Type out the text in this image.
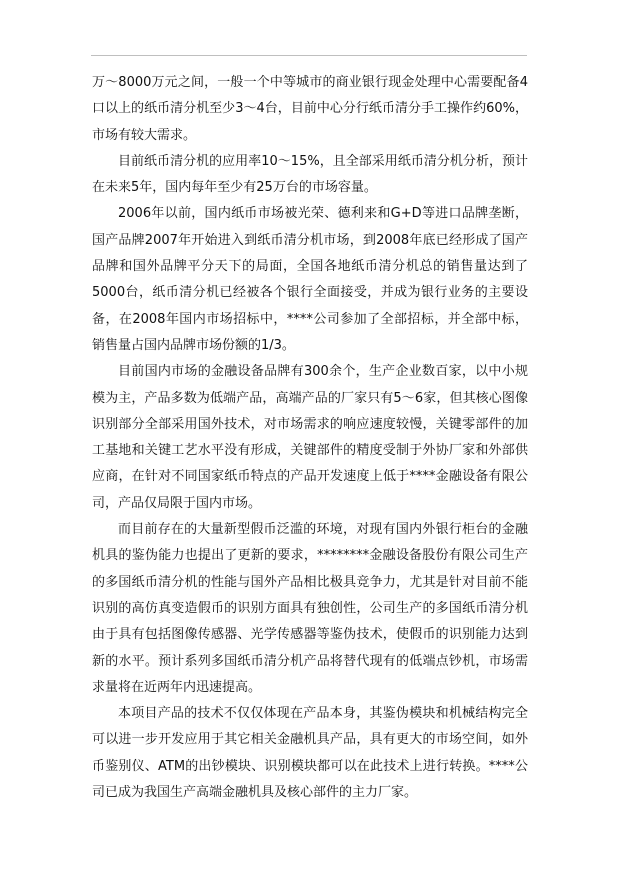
万～8000万元之间，一般一个中等城市的商业银行现金处理中心需要配备4口以上的纸币清分机至少3～4台，目前中心分行纸币清分手工操作约60%，市场有较大需求。

目前纸币清分机的应用率10～15%，且全部采用纸币清分机分析，预计在未来5年，国内每年至少有25万台的市场容量。

2006年以前，国内纸币市场被光荣、德利来和G+D等进口品牌垄断，国产品牌2007年开始进入到纸币清分机市场，到2008年底已经形成了国产品牌和国外品牌平分天下的局面，全国各地纸币清分机总的销售量达到了5000台，纸币清分机已经被各个银行全面接受，并成为银行业务的主要设备，在2008年国内市场招标中，****公司参加了全部招标，并全部中标，销售量占国内品牌市场份额的1/3。

目前国内市场的金融设备品牌有300余个，生产企业数百家，以中小规模为主，产品多数为低端产品，高端产品的厂家只有5～6家，但其核心图像识别部分全部采用国外技术，对市场需求的响应速度较慢，关键零部件的加工基地和关键工艺水平没有形成，关键部件的精度受制于外协厂家和外部供应商，在针对不同国家纸币特点的产品开发速度上低于****金融设备有限公司，产品仅局限于国内市场。

而目前存在的大量新型假币泛滥的环境，对现有国内外银行柜台的金融机具的鉴伪能力也提出了更新的要求，********金融设备股份有限公司生产的多国纸币清分机的性能与国外产品相比极具竞争力，尤其是针对目前不能识别的高仿真变造假币的识别方面具有独创性，公司生产的多国纸币清分机由于具有包括图像传感器、光学传感器等鉴伪技术，使假币的识别能力达到新的水平。预计系列多国纸币清分机产品将替代现有的低端点钞机，市场需求量将在近两年内迅速提高。

本项目产品的技术不仅仅体现在产品本身，其鉴伪模块和机械结构完全可以进一步开发应用于其它相关金融机具产品，具有更大的市场空间，如外币鉴别仪、ATM的出钞模块、识别模块都可以在此技术上进行转换。****公司已成为我国生产高端金融机具及核心部件的主力厂家。
